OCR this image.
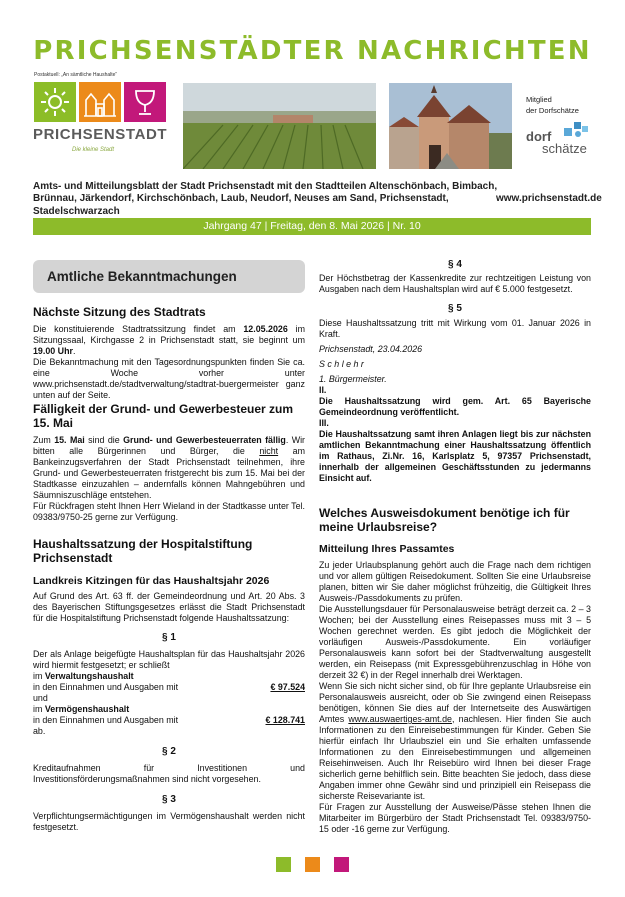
PRICHSENSTÄDTER NACHRICHTEN
Postaktuell: „An sämtliche Haushalte“
PRICHSENSTADT
Die kleine Stadt
Mitglied
der Dorfschätze
dorf
schätze
Amts- und Mitteilungsblatt der Stadt Prichsenstadt mit den Stadtteilen Altenschönbach, Bimbach, Brünnau, Järkendorf, Kirchschönbach, Laub, Neudorf, Neuses am Sand, Prichsenstadt, Stadelschwarzach
www.prichsenstadt.de
Jahrgang 47 | Freitag, den 8. Mai 2026 | Nr. 10
Amtliche Bekanntmachungen
Nächste Sitzung des Stadtrats

Die konstituierende Stadtratssitzung findet am 12.05.2026 im Sitzungssaal, Kirchgasse 2 in Prichsenstadt statt, sie beginnt um 19.00 Uhr.

Die Bekanntmachung mit den Tagesordnungspunkten finden Sie ca. eine Woche vorher unter www.prichsenstadt.de/stadtverwaltung/stadtrat-buergermeister ganz unten auf der Seite.

Fälligkeit der Grund- und Gewerbesteuer zum 15. Mai

Zum 15. Mai sind die Grund- und Gewerbesteuerraten fällig. Wir bitten alle Bürgerinnen und Bürger, die nicht am Bankeinzugsverfahren der Stadt Prichsenstadt teilnehmen, ihre Grund- und Gewerbesteuerraten fristgerecht bis zum 15. Mai bei der Stadtkasse einzuzahlen – andernfalls können Mahngebühren und Säumniszuschläge entstehen.

Für Rückfragen steht Ihnen Herr Wieland in der Stadtkasse unter Tel. 09383/9750-25 gerne zur Verfügung.

Haushaltssatzung der Hospitalstiftung Prichsenstadt
Landkreis Kitzingen für das Haushaltsjahr 2026

Auf Grund des Art. 63 ff. der Gemeindeordnung und Art. 20 Abs. 3 des Bayerischen Stiftungsgesetzes erlässt die Stadt Prichsenstadt für die Hospitalstiftung Prichsenstadt folgende Haushaltssatzung:

§ 1

Der als Anlage beigefügte Haushaltsplan für das Haushaltsjahr 2026 wird hiermit festgesetzt; er schließt

im Verwaltungshaushalt

in den Einnahmen und Ausgaben mit	€ 97.524

und

im Vermögenshaushalt

in den Einnahmen und Ausgaben mit	€ 128.741

ab.

§ 2

Kreditaufnahmen für Investitionen und Investitionsförderungsmaßnahmen sind nicht vorgesehen.

§ 3

Verpflichtungsermächtigungen im Vermögenshaushalt werden nicht festgesetzt.

§ 4

Der Höchstbetrag der Kassenkredite zur rechtzeitigen Leistung von Ausgaben nach dem Haushaltsplan wird auf € 5.000 festgesetzt.

§ 5

Diese Haushaltssatzung tritt mit Wirkung vom 01. Januar 2026 in Kraft.

Prichsenstadt, 23.04.2026

S c h l e h r

1. Bürgermeister.

II.

Die Haushaltssatzung wird gem. Art. 65 Bayerische Gemeindeordnung veröffentlicht.

III.

Die Haushaltssatzung samt ihren Anlagen liegt bis zur nächsten amtlichen Bekanntmachung einer Haushaltssatzung öffentlich im Rathaus, Zi.Nr. 16, Karlsplatz 5, 97357 Prichsenstadt, innerhalb der allgemeinen Geschäftsstunden zu jedermanns Einsicht auf.

Welches Ausweisdokument benötige ich für meine Urlaubsreise?
Mitteilung Ihres Passamtes

Zu jeder Urlaubsplanung gehört auch die Frage nach dem richtigen und vor allem gültigen Reisedokument. Sollten Sie eine Urlaubsreise planen, bitten wir Sie daher möglichst frühzeitig, die Gültigkeit Ihres Ausweis-/Passdokuments zu prüfen.

Die Ausstellungsdauer für Personalausweise beträgt derzeit ca. 2 – 3 Wochen; bei der Ausstellung eines Reisepasses muss mit 3 – 5 Wochen gerechnet werden. Es gibt jedoch die Möglichkeit der vorläufigen Ausweis-/Passdokumente. Ein vorläufiger Personalausweis kann sofort bei der Stadtverwaltung ausgestellt werden, ein Reisepass (mit Expressgebührenzuschlag in Höhe von derzeit 32 €) in der Regel innerhalb drei Werktagen.

Wenn Sie sich nicht sicher sind, ob für Ihre geplante Urlaubsreise ein Personalausweis ausreicht, oder ob Sie zwingend einen Reisepass benötigen, können Sie dies auf der Internetseite des Auswärtigen Amtes www.auswaertiges-amt.de, nachlesen. Hier finden Sie auch Informationen zu den Einreisebestimmungen für Kinder. Geben Sie hierfür einfach Ihr Urlaubsziel ein und Sie erhalten umfassende Informationen zu den Einreisebestimmungen und allgemeinen Reisehinweisen. Auch Ihr Reisebüro wird Ihnen bei dieser Frage sicherlich gerne behilflich sein. Bitte beachten Sie jedoch, dass diese Angaben immer ohne Gewähr sind und prinzipiell ein Reisepass die sicherste Reisevariante ist.

Für Fragen zur Ausstellung der Ausweise/Pässe stehen Ihnen die Mitarbeiter im Bürgerbüro der Stadt Prichsenstadt Tel. 09383/9750-15 oder -16 gerne zur Verfügung.
